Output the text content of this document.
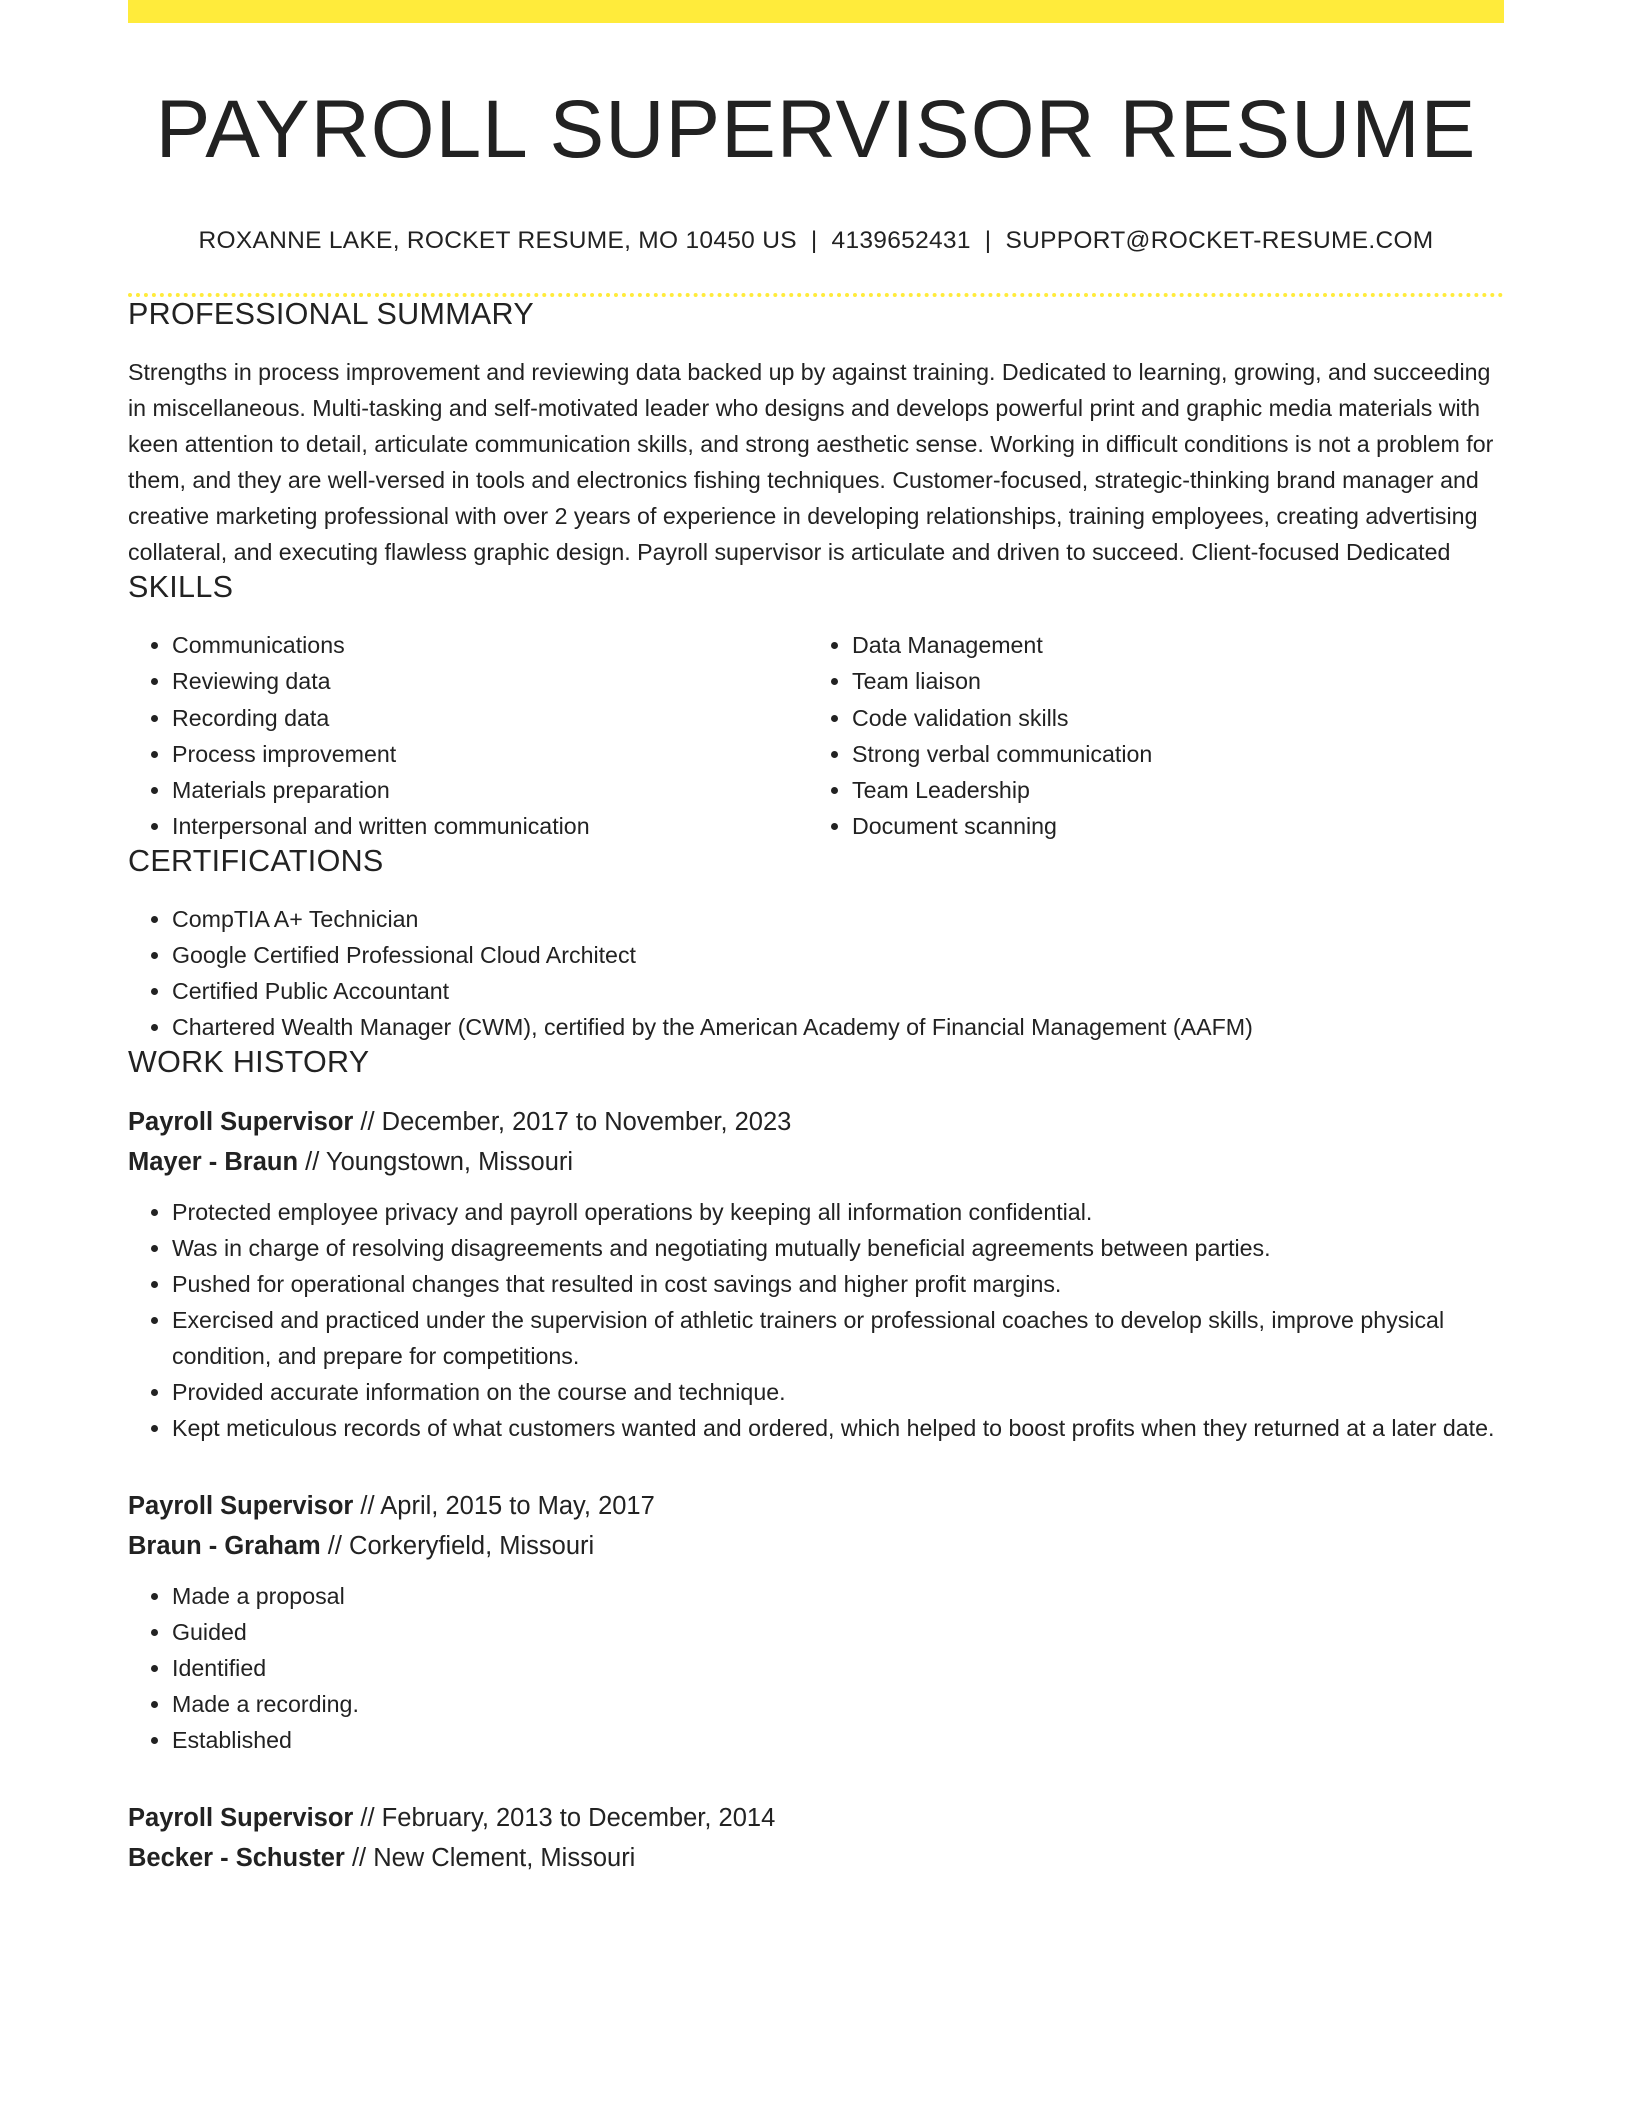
PAYROLL SUPERVISOR RESUME
ROXANNE LAKE, ROCKET RESUME, MO 10450 US | 4139652431 | SUPPORT@ROCKET-RESUME.COM
PROFESSIONAL SUMMARY

Strengths in process improvement and reviewing data backed up by against training. Dedicated to learning, growing, and succeeding in miscellaneous. Multi-tasking and self-motivated leader who designs and develops powerful print and graphic media materials with keen attention to detail, articulate communication skills, and strong aesthetic sense. Working in difficult conditions is not a problem for them, and they are well-versed in tools and electronics fishing techniques. Customer-focused, strategic-thinking brand manager and creative marketing professional with over 2 years of experience in developing relationships, training employees, creating advertising collateral, and executing flawless graphic design. Payroll supervisor is articulate and driven to succeed. Client-focused Dedicated

SKILLS
• Communications
• Reviewing data
• Recording data
• Process improvement
• Materials preparation
• Interpersonal and written communication
• Data Management
• Team liaison
• Code validation skills
• Strong verbal communication
• Team Leadership
• Document scanning
CERTIFICATIONS
• CompTIA A+ Technician
• Google Certified Professional Cloud Architect
• Certified Public Accountant
• Chartered Wealth Manager (CWM), certified by the American Academy of Financial Management (AAFM)
WORK HISTORY
Payroll Supervisor // December, 2017 to November, 2023
Mayer - Braun // Youngstown, Missouri
• Protected employee privacy and payroll operations by keeping all information confidential.
• Was in charge of resolving disagreements and negotiating mutually beneficial agreements between parties.
• Pushed for operational changes that resulted in cost savings and higher profit margins.
• Exercised and practiced under the supervision of athletic trainers or professional coaches to develop skills, improve physical condition, and prepare for competitions.
• Provided accurate information on the course and technique.
• Kept meticulous records of what customers wanted and ordered, which helped to boost profits when they returned at a later date.
Payroll Supervisor // April, 2015 to May, 2017
Braun - Graham // Corkeryfield, Missouri
• Made a proposal
• Guided
• Identified
• Made a recording.
• Established
Payroll Supervisor // February, 2013 to December, 2014
Becker - Schuster // New Clement, Missouri
